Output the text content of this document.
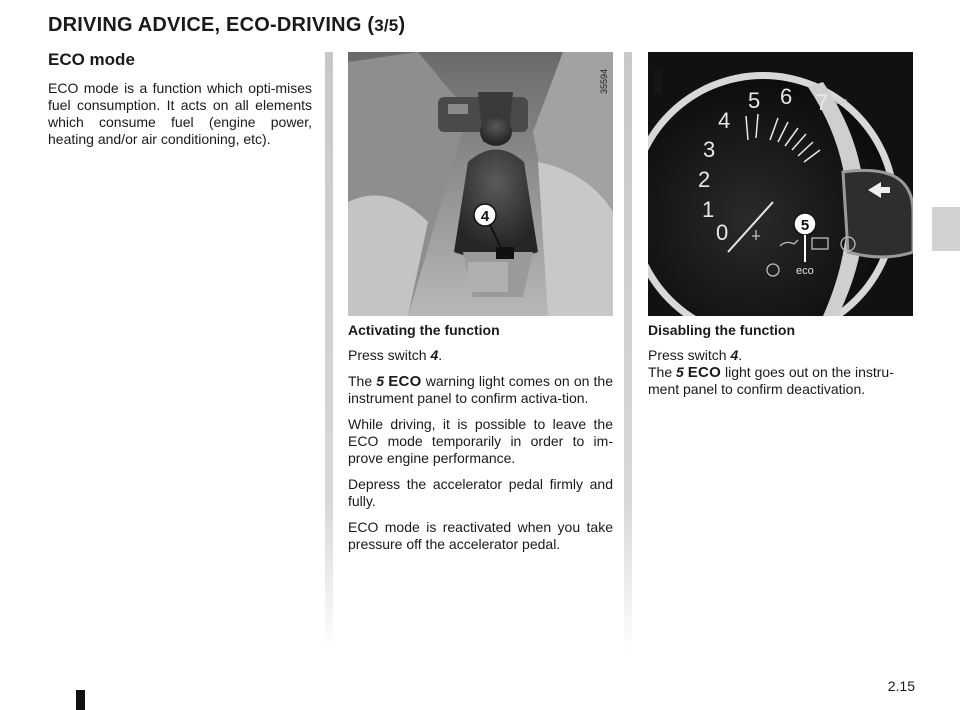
DRIVING ADVICE, ECO-DRIVING (3/5)
ECO mode

ECO mode is a function which opti-mises fuel consumption. It acts on all elements which consume fuel (engine power, heating and/or air conditioning, etc).

4
35594
0
1
2
3
4
5 6 7 x1000
eco
5
35567
Activating the function

Press switch 4.

The 5 ECO warning light comes on on the instrument panel to confirm activa-tion.

While driving, it is possible to leave the ECO mode temporarily in order to im-prove engine performance.

Depress the accelerator pedal firmly and fully.

ECO mode is reactivated when you take pressure off the accelerator pedal.

Disabling the function

Press switch 4.

The 5 ECO light goes out on the instru-ment panel to confirm deactivation.

2.15
